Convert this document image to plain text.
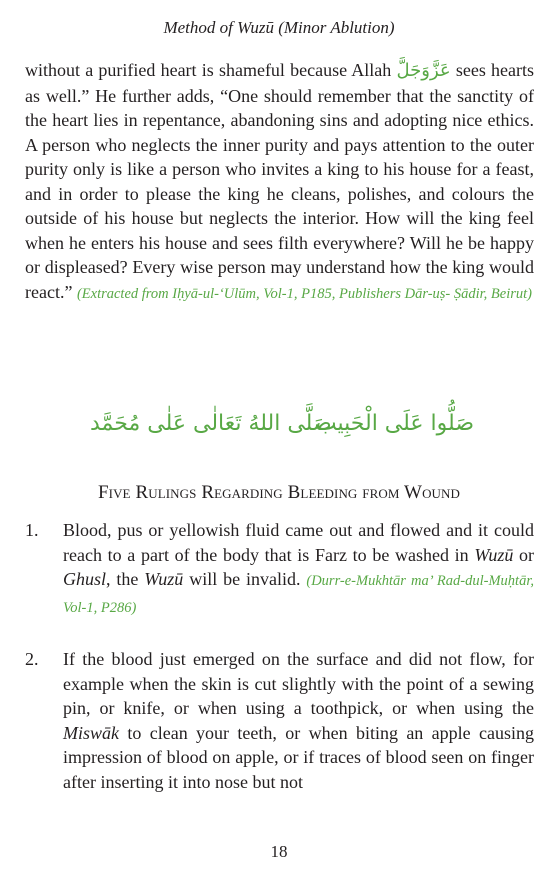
Method of Wuzū (Minor Ablution)
without a purified heart is shameful because Allah عَزَّوَجَلَّ sees hearts as well.” He further adds, “One should remember that the sanctity of the heart lies in repentance, abandoning sins and adopting nice ethics. A person who neglects the inner purity and pays attention to the outer purity only is like a person who invites a king to his house for a feast, and in order to please the king he cleans, polishes, and colours the outside of his house but neglects the interior. How will the king feel when he enters his house and sees filth everywhere? Will he be happy or displeased? Every wise person may understand how the king would react.” (Extracted from Iḥyā-ul-‘Ulūm, Vol-1, P185, Publishers Dār-uṣ- Ṣādir, Beirut)
صَلُّوا عَلَى الْحَبِيب
صَلَّى اللهُ تَعَالٰى عَلٰى مُحَمَّد
Five Rulings Regarding Bleeding from Wound
1. Blood, pus or yellowish fluid came out and flowed and it could reach to a part of the body that is Farz to be washed in Wuzū or Ghusl, the Wuzū will be invalid. (Durr-e-Mukhtār ma’ Rad-dul-Muḥtār, Vol-1, P286)
2. If the blood just emerged on the surface and did not flow, for example when the skin is cut slightly with the point of a sewing pin, or knife, or when using a toothpick, or when using the Miswāk to clean your teeth, or when biting an apple causing impression of blood on apple, or if traces of blood seen on finger after inserting it into nose but not
18
